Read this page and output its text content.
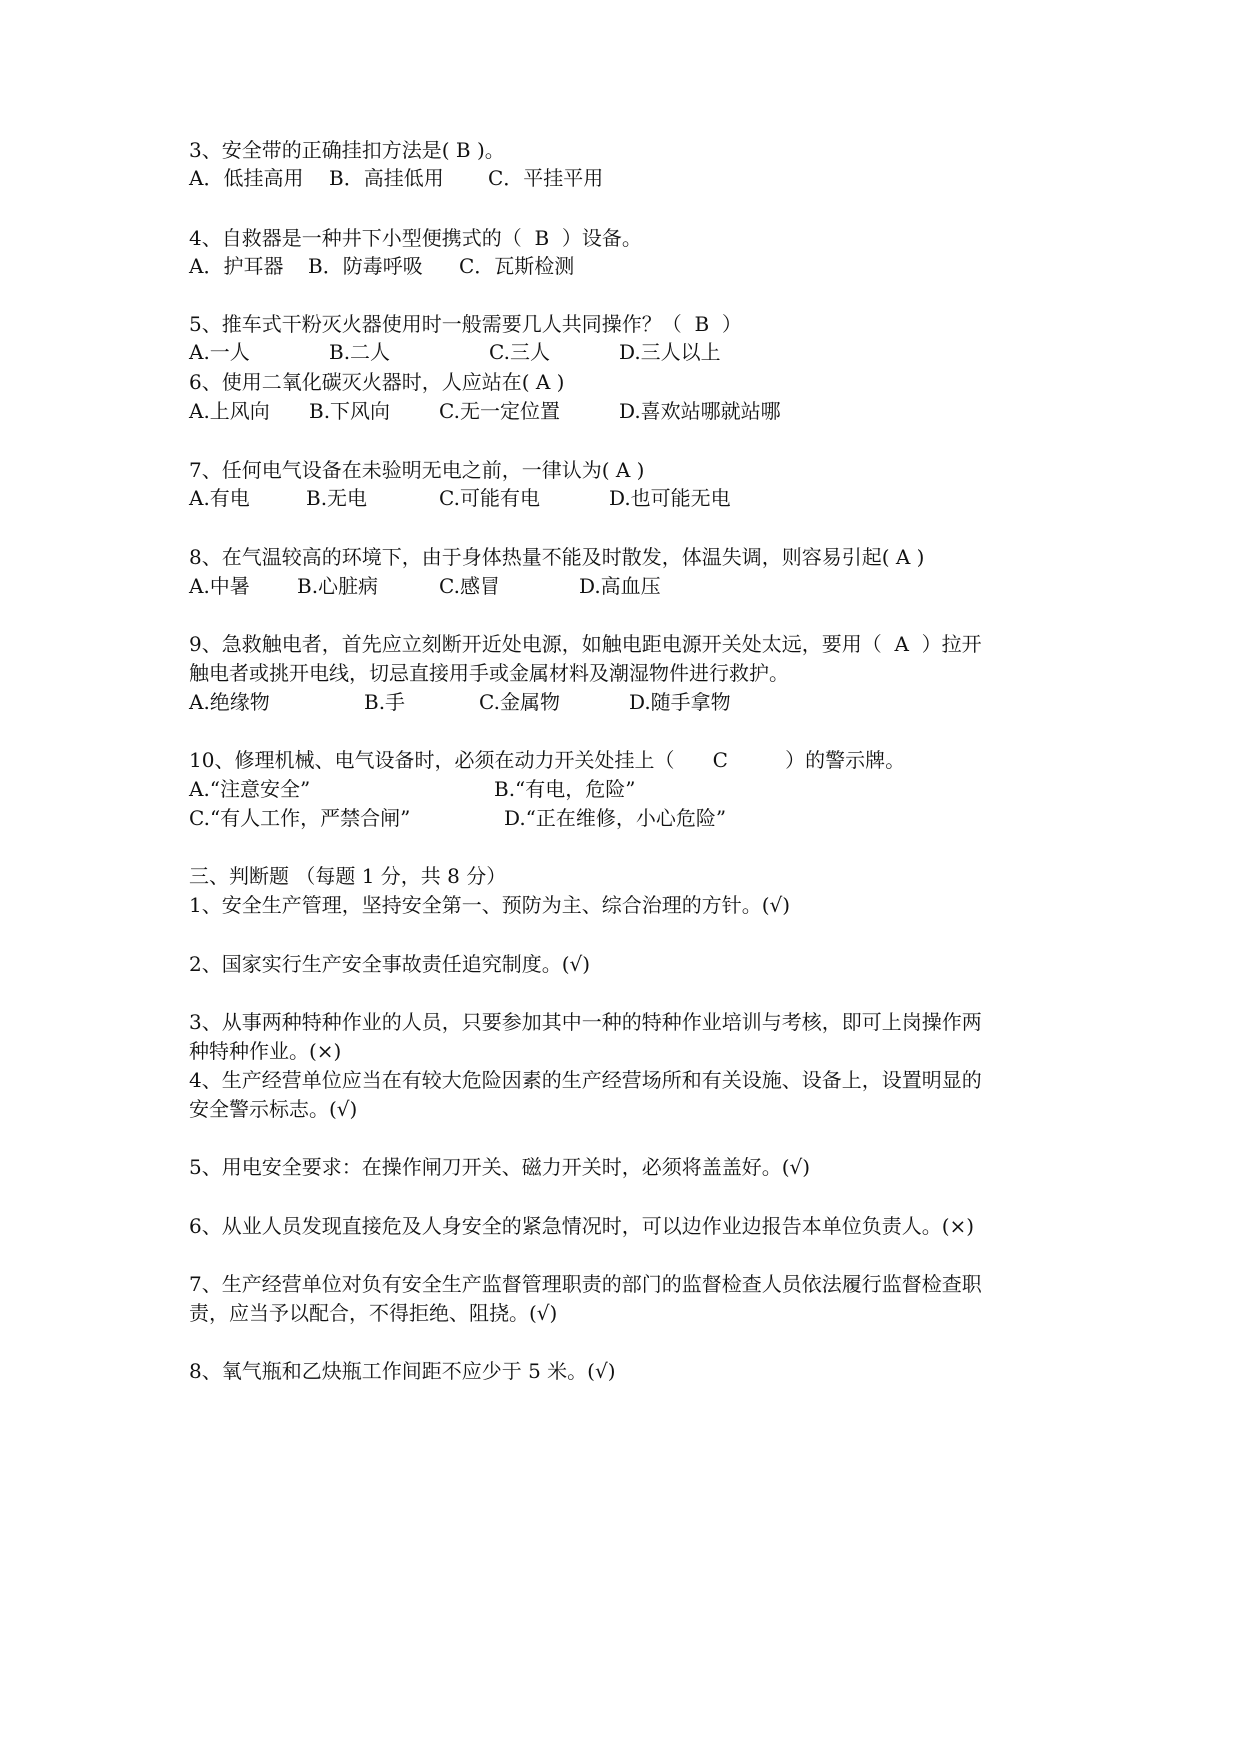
3、安全带的正确挂扣方法是( B )。

A．低挂高用

B．高挂低用

C．平挂平用

4、自救器是一种井下小型便携式的（  B  ）设备。

A．护耳器

B．防毒呼吸

C．瓦斯检测

5、推车式干粉灭火器使用时一般需要几人共同操作？（  B  ）

A.一人

	B.二人

	C.三人

	D.三人以上

6、使用二氧化碳灭火器时，人应站在( A )

A.上风向

B.下风向

C.无一定位置

	D.喜欢站哪就站哪

7、任何电气设备在未验明无电之前，一律认为( A )

A.有电

	B.无电

	C.可能有电

	D.也可能无电

8、在气温较高的环境下，由于身体热量不能及时散发，体温失调，则容易引起( A )

A.中暑

B.心脏病

	C.感冒

	D.高血压

9、急救触电者，首先应立刻断开近处电源，如触电距电源开关处太远，要用（  A  ）拉开
触电者或挑开电线，切忌直接用手或金属材料及潮湿物件进行救护。

A.绝缘物

	B.手

	C.金属物

	D.随手拿物

10、修理机械、电气设备时，必须在动力开关处挂上（      C         ）的警示牌。

A.“注意安全”

	B.“有电，危险”

C.“有人工作，严禁合闸”

	D.“正在维修，小心危险”

三、判断题 （每题 1 分，共 8 分）
1、安全生产管理，坚持安全第一、预防为主、综合治理的方针。(√)
2、国家实行生产安全事故责任追究制度。(√)
3、从事两种特种作业的人员，只要参加其中一种的特种作业培训与考核，即可上岗操作两
种特种作业。(×)
4、生产经营单位应当在有较大危险因素的生产经营场所和有关设施、设备上，设置明显的
安全警示标志。(√)
5、用电安全要求：在操作闸刀开关、磁力开关时，必须将盖盖好。(√)
6、从业人员发现直接危及人身安全的紧急情况时，可以边作业边报告本单位负责人。(×)
7、生产经营单位对负有安全生产监督管理职责的部门的监督检查人员依法履行监督检查职
责，应当予以配合，不得拒绝、阻挠。(√)
8、氧气瓶和乙炔瓶工作间距不应少于 5 米。(√)
